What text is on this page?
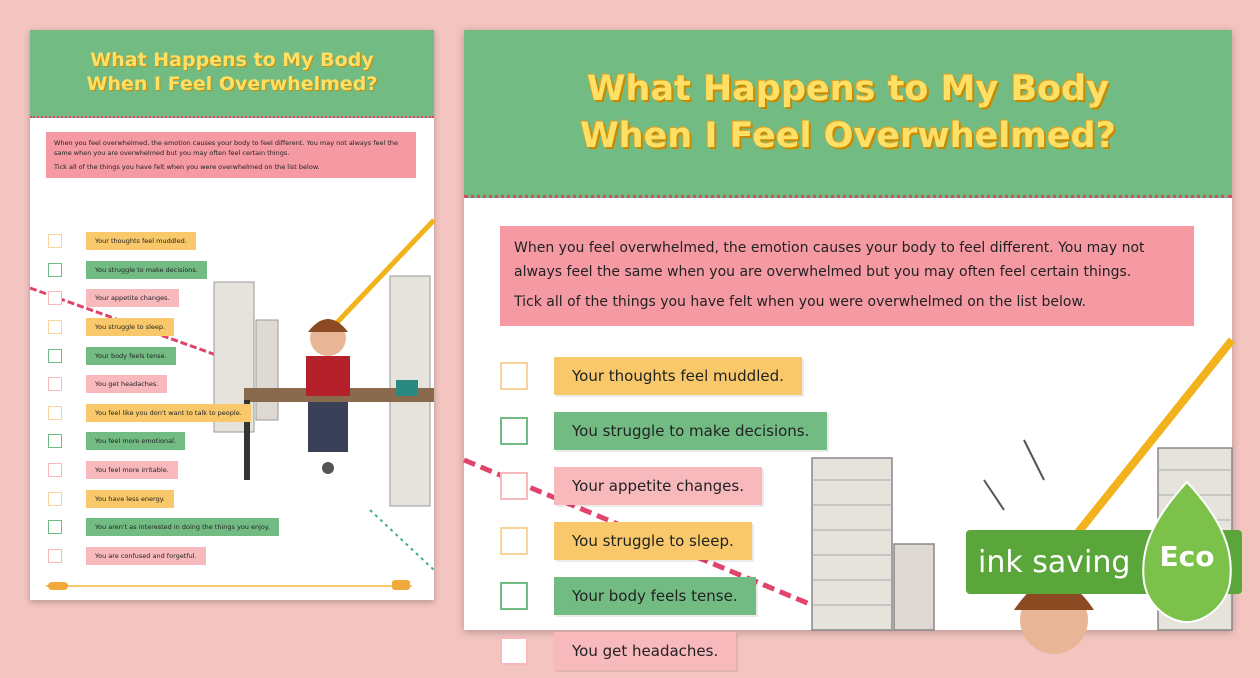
What Happens to My Body
When I Feel Overwhelmed?

When you feel overwhelmed, the emotion causes your body to feel different. You may not always feel the same when you are overwhelmed but you may often feel certain things.

Tick all of the things you have felt when you were overwhelmed on the list below.

Your thoughts feel muddled.
You struggle to make decisions.
Your appetite changes.
You struggle to sleep.
Your body feels tense.
You get headaches.
You feel like you don't want to talk to people.
You feel more emotional.
You feel more irritable.
You have less energy.
You aren't as interested in doing the things you enjoy.
You are confused and forgetful.
What Happens to My Body
When I Feel Overwhelmed?

When you feel overwhelmed, the emotion causes your body to feel different. You may not always feel the same when you are overwhelmed but you may often feel certain things.

Tick all of the things you have felt when you were overwhelmed on the list below.

Your thoughts feel muddled.
You struggle to make decisions.
Your appetite changes.
You struggle to sleep.
Your body feels tense.
You get headaches.
ink saving Eco
